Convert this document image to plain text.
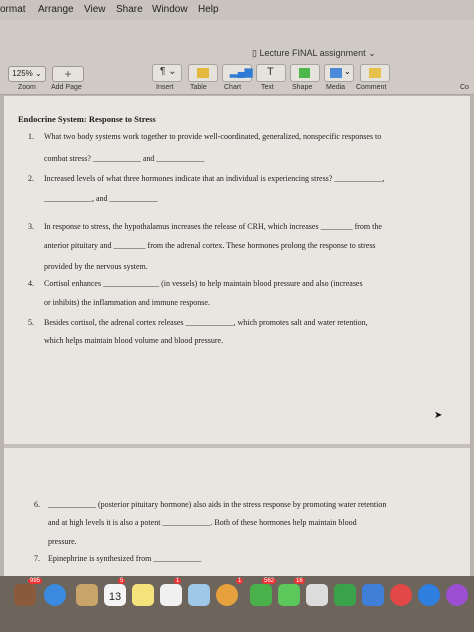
ormat Arrange View Share Window Help
▯ Lecture FINAL assignment ⌄
125% ⌄	+	¶ ⌄	▂▄▆ T	⌄
Zoom Add Page	Insert Table Chart	Text	Shape Media Comment	Co
Endocrine System: Response to Stress
1. What two body systems work together to provide well-coordinated, generalized, nonspecific responses to
combat stress? ____________ and ____________
2. Increased levels of what three hormones indicate that an individual is experiencing stress? ____________,
____________, and ____________
3. In response to stress, the hypothalamus increases the release of CRH, which increases ________ from the
anterior pituitary and ________ from the adrenal cortex. These hormones prolong the response to stress
provided by the nervous system.
4. Cortisol enhances ______________ (in vessels) to help maintain blood pressure and also (increases
or inhibits) the inflammation and immune response.
5. Besides cortisol, the adrenal cortex releases ____________, which promotes salt and water retention,
which helps maintain blood volume and blood pressure.
6. ____________ (posterior pituitary hormone) also aids in the stress response by promoting water retention
and at high levels it is also a potent ____________. Both of these hormones help maintain blood
pressure.
7. Epinephrine is synthesized from ____________
➤
995
13
5	1	1	562	16
